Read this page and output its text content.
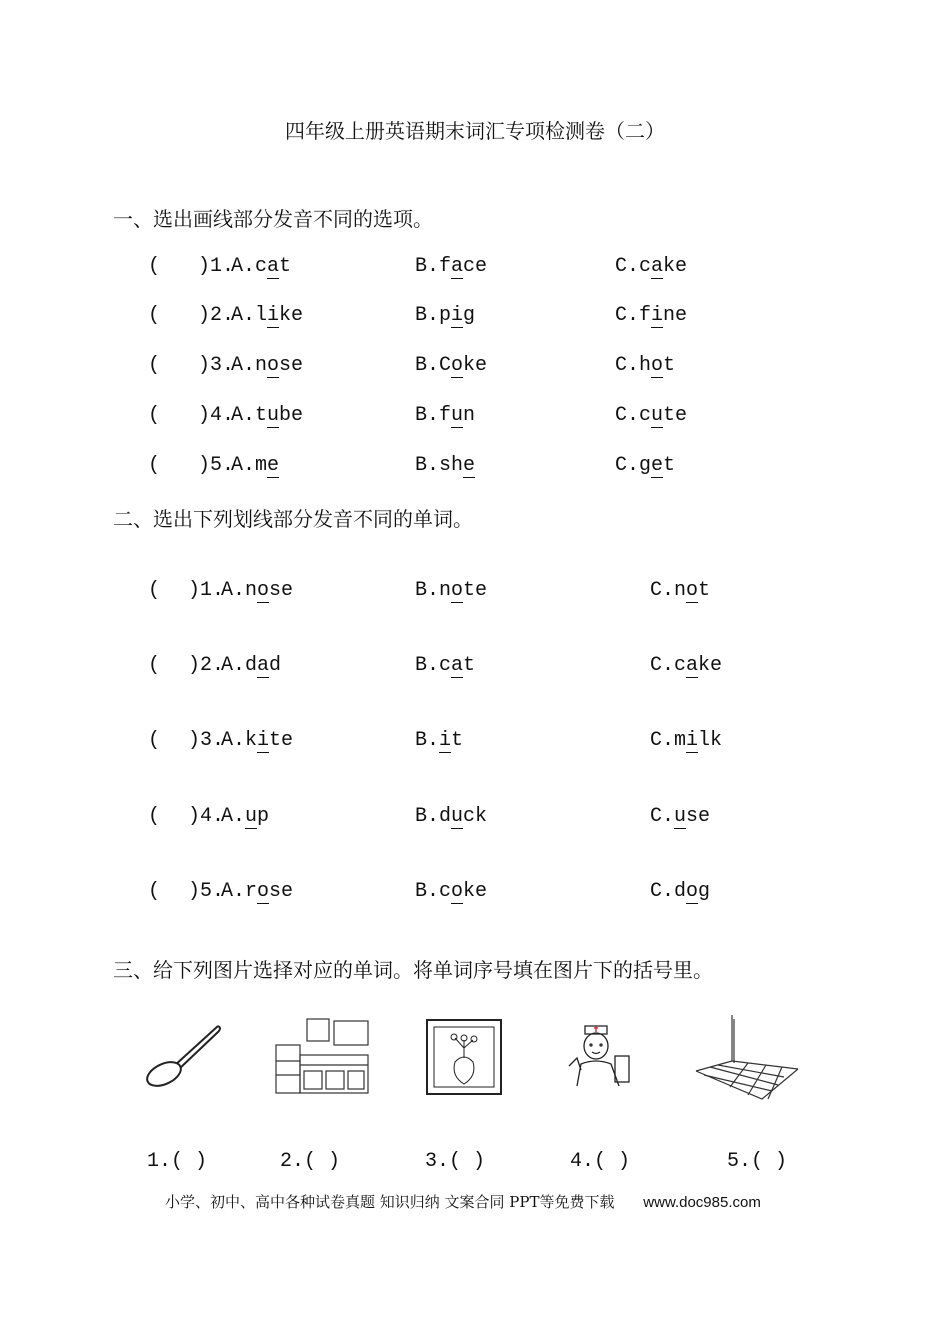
四年级上册英语期末词汇专项检测卷（二）
一、选出画线部分发音不同的选项。
( )1.
A.cat	B.face	C.cake
( )2.
A.like	B.pig	C.fine
( )3.
A.nose	B.Coke	C.hot
( )4.
A.tube	B.fun	C.cute
( )5.
A.me	B.she	C.get
二、选出下列划线部分发音不同的单词。
( )1.
A.nose	B.note	C.not
( )2.
A.dad	B.cat	C.cake
( )3.
A.kite	B.it	C.milk
( )4.
A.up	B.duck	C.use
( )5.
A.rose	B.coke	C.dog
三、给下列图片选择对应的单词。将单词序号填在图片下的括号里。
1.( )	2.( )	3.( )	4.( )	5.( )
小学、初中、高中各种试卷真题 知识归纳 文案合同 PPT等免费下载 www.doc985.com
